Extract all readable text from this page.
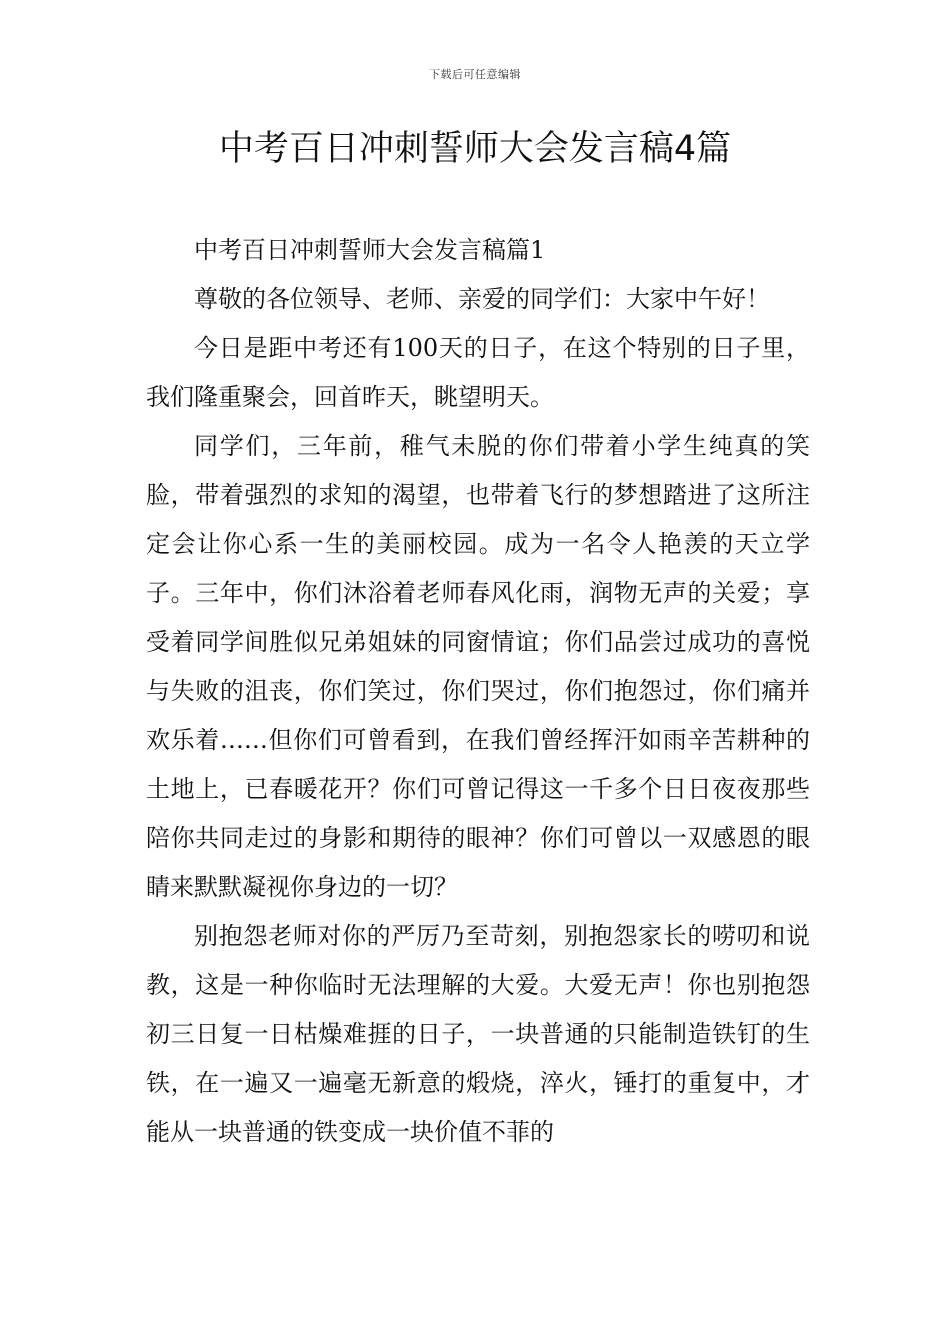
下载后可任意编辑
中考百日冲刺誓师大会发言稿4篇

中考百日冲刺誓师大会发言稿篇1

尊敬的各位领导、老师、亲爱的同学们：大家中午好！

今日是距中考还有100天的日子，在这个特别的日子里，我们隆重聚会，回首昨天，眺望明天。

同学们，三年前，稚气未脱的你们带着小学生纯真的笑脸，带着强烈的求知的渴望，也带着飞行的梦想踏进了这所注定会让你心系一生的美丽校园。成为一名令人艳羡的天立学子。三年中，你们沐浴着老师春风化雨，润物无声的关爱；享受着同学间胜似兄弟姐妹的同窗情谊；你们品尝过成功的喜悦与失败的沮丧，你们笑过，你们哭过，你们抱怨过，你们痛并欢乐着……但你们可曾看到，在我们曾经挥汗如雨辛苦耕种的土地上，已春暖花开？你们可曾记得这一千多个日日夜夜那些陪你共同走过的身影和期待的眼神？你们可曾以一双感恩的眼睛来默默凝视你身边的一切？

别抱怨老师对你的严厉乃至苛刻，别抱怨家长的唠叨和说教，这是一种你临时无法理解的大爱。大爱无声！你也别抱怨初三日复一日枯燥难捱的日子，一块普通的只能制造铁钉的生铁，在一遍又一遍毫无新意的煅烧，淬火，锤打的重复中，才能从一块普通的铁变成一块价值不菲的
